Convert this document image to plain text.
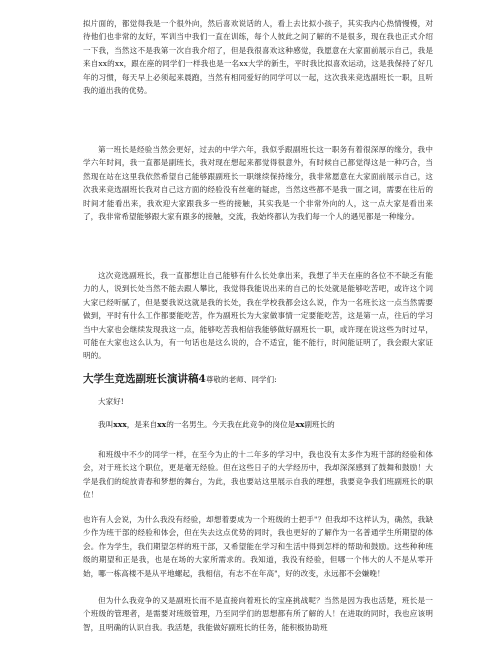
拟片面的，都觉得我是一个很外向，然后喜欢说话的人，看上去比拟小孩子，其实我内心热情慢慢，对待他们也非常的友好，军训当中我们一直在训练，每个人彼此之间了解的不是很多，现在我也正式介绍一下我，当然这不是我第一次自我介绍了，但是我很喜欢这种感觉，我愿意在大家面前展示自己，我是来自xx的xx，跟在座的同学们一样我也是一名xx大学的新生，平时我比拟喜欢运动，这是我保持了好几年的习惯，每天早上必须起来晨跑，当然有相同爱好的同学可以一起，这次我来竞选副班长一职，且听我的道出我的优势。

第一班长是经验当然会更好，过去的中学六年，我似乎跟副班长这一职务有着很深厚的缘分，我中学六年时间，我一直都是副班长，我对现在想起来都觉得很意外，有时候自己都觉得这是一种巧合，当然现在站在这里我依然希望自己能够跟副班长一职继续保持缘分，我非常愿意在大家面前展示自己，这次我来竞选副班长我对自己这方面的经验没有丝毫的疑虑，当然这些都不是我一面之词，需要在往后的时间才能看出来，我欢迎大家跟我多一些的接触，其实我是一个非常外向的人，这一点大家是看出来了，我非常希望能够跟大家有跟多的接触，交流，我始终都认为我们每一个人的遇见都是一种缘分。

这次竞选副班长，我一直都想让自己能够有什么长处拿出来，我想了半天在座的各位不不缺乏有能力的人，说到长处当然不能去跟人攀比，我觉得我能说出来的自己的长处就是能够吃苦吧，或许这个词大家已经听腻了，但是要我说这就是我的长处，我在学校我都会这么说，作为一名班长这一点当然需要做到，平时有什么工作都要能吃苦，作为副班长为大家做事情一定要能吃苦，这是第一点，往后的学习当中大家也会继续发现我这一点，能够吃苦我相信我能够做好副班长一职，或许现在说这些为时过早，可能在大家也这么认为，有一句话也是这么说的，合不适宜，能不能行，时间能证明了，我会跟大家证明的。

大学生竞选副班长演讲稿4尊敬的老师、同学们:

大家好!

我叫xxx，是来自xx的一名男生。今天我在此竞争的岗位是xx副班长的

和班级中不少的同学一样，在至今为止的十二年多的学习中，我也没有太多作为班干部的经验和体会，对于班长这个职位，更是毫无经验。但在这些日子的大学经历中，我却深深感到了鼓舞和鼓励！大学是我们的绽放青春和梦想的舞台，为此，我也要站这里展示自我的理想，我要竞争我们班副班长的职位！

也许有人会说，为什么我没有经验，却想着要成为一个班级的士把手"？但我却不这样认为，确然，我缺少作为班干部的经验和体会，但在失去这点优势的同时，我也更好的了解作为一名普通学生所期望的体会。作为学生，我们期望怎样的班干部，又希望能在学习和生活中得到怎样的帮助和鼓励。这些种种班级的期望和正是我，也是在场的大家所需求的。我知道，我没有经验，但哪一个伟大的人不是从零开始，哪一栋高楼不是从平地螺起，我相信，有志不在年高"，好的改变，永远都不会嫌晚！

但为什么我竞争的又是副班长而不是直接向着班长的宝座挑战呢？当然是因为我也活楚，班长是一个班级的管理者，是需要对班级管理，乃至同学们的思想都有所了解的人！在进取的同时，我也应该明智，且明确的认识自我。我活楚，我能做好副班长的任务，能积极协助班
